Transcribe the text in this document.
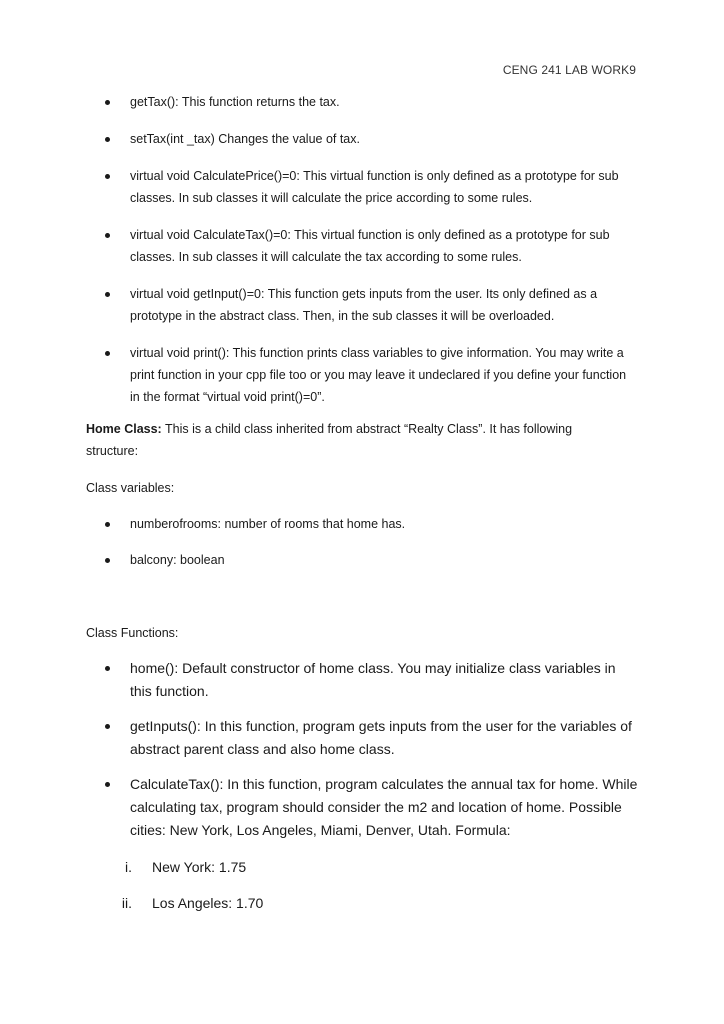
CENG 241 LAB WORK9
getTax(): This function returns the tax.
setTax(int _tax) Changes the value of tax.
virtual void CalculatePrice()=0: This virtual function is only defined as a prototype for sub classes. In sub classes it will calculate the price according to some rules.
virtual void CalculateTax()=0: This virtual function is only defined as a prototype for sub classes. In sub classes it will calculate the tax according to some rules.
virtual void getInput()=0: This function gets inputs from the user. Its only defined as a prototype in the abstract class. Then, in the sub classes it will be overloaded.
virtual void print(): This function prints class variables to give information. You may write a print function in your cpp file too or you may leave it undeclared if you define your function in the format “virtual void print()=0”.

Home Class: This is a child class inherited from abstract “Realty Class”. It has following structure:

Class variables:

numberofrooms: number of rooms that home has.
balcony: boolean

Class Functions:

home(): Default constructor of home class. You may initialize class variables in this function.
getInputs(): In this function, program gets inputs from the user for the variables of abstract parent class and also home class.
CalculateTax(): In this function, program calculates the annual tax for home. While calculating tax, program should consider the m2 and location of home. Possible cities: New York, Los Angeles, Miami, Denver, Utah. Formula:
i. New York: 1.75
ii. Los Angeles: 1.70
